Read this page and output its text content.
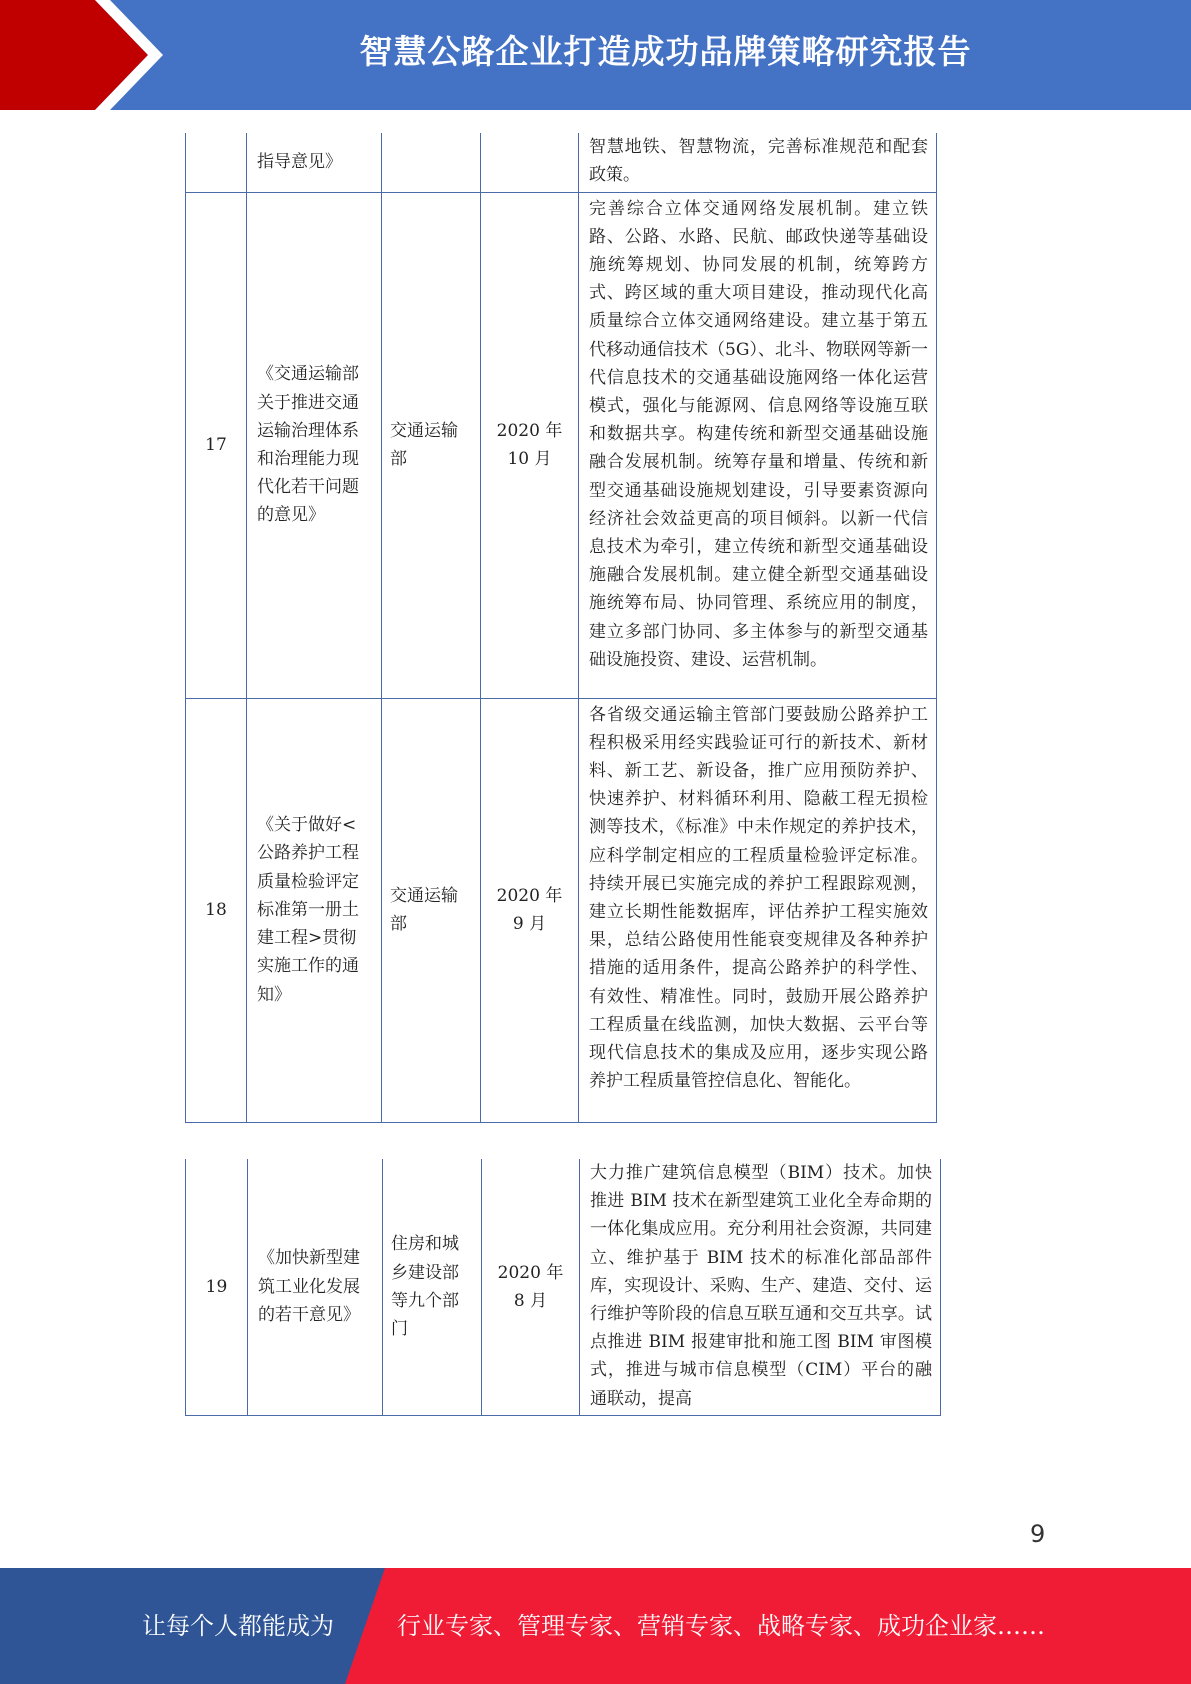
智慧公路企业打造成功品牌策略研究报告
	指导意见》			智慧地铁、智慧物流，完善标准规范和配套政策。
17	《交通运输部关于推进交通运输治理体系和治理能力现代化若干问题的意见》	交通运输部	2020 年 10 月	完善综合立体交通网络发展机制。建立铁路、公路、水路、民航、邮政快递等基础设施统筹规划、协同发展的机制，统筹跨方式、跨区域的重大项目建设，推动现代化高质量综合立体交通网络建设。建立基于第五代移动通信技术（5G）、北斗、物联网等新一代信息技术的交通基础设施网络一体化运营模式，强化与能源网、信息网络等设施互联和数据共享。构建传统和新型交通基础设施融合发展机制。统筹存量和增量、传统和新型交通基础设施规划建设，引导要素资源向经济社会效益更高的项目倾斜。以新一代信息技术为牵引，建立传统和新型交通基础设施融合发展机制。建立健全新型交通基础设施统筹布局、协同管理、系统应用的制度，建立多部门协同、多主体参与的新型交通基础设施投资、建设、运营机制。
18	《关于做好<公路养护工程质量检验评定标准第一册土建工程>贯彻实施工作的通知》	交通运输部	2020 年 9 月	各省级交通运输主管部门要鼓励公路养护工程积极采用经实践验证可行的新技术、新材料、新工艺、新设备，推广应用预防养护、快速养护、材料循环利用、隐蔽工程无损检测等技术，《标准》中未作规定的养护技术，应科学制定相应的工程质量检验评定标准。持续开展已实施完成的养护工程跟踪观测，建立长期性能数据库，评估养护工程实施效果，总结公路使用性能衰变规律及各种养护措施的适用条件，提高公路养护的科学性、有效性、精准性。同时，鼓励开展公路养护工程质量在线监测，加快大数据、云平台等现代信息技术的集成及应用，逐步实现公路养护工程质量管控信息化、智能化。
19	《加快新型建筑工业化发展的若干意见》	住房和城乡建设部等九个部门	2020 年 8 月	大力推广建筑信息模型（BIM）技术。加快推进 BIM 技术在新型建筑工业化全寿命期的一体化集成应用。充分利用社会资源，共同建立、维护基于 BIM 技术的标准化部品部件库，实现设计、采购、生产、建造、交付、运行维护等阶段的信息互联互通和交互共享。试点推进 BIM 报建审批和施工图 BIM 审图模式，推进与城市信息模型（CIM）平台的融通联动，提高
9
让每个人都能成为	行业专家、管理专家、营销专家、战略专家、成功企业家……
